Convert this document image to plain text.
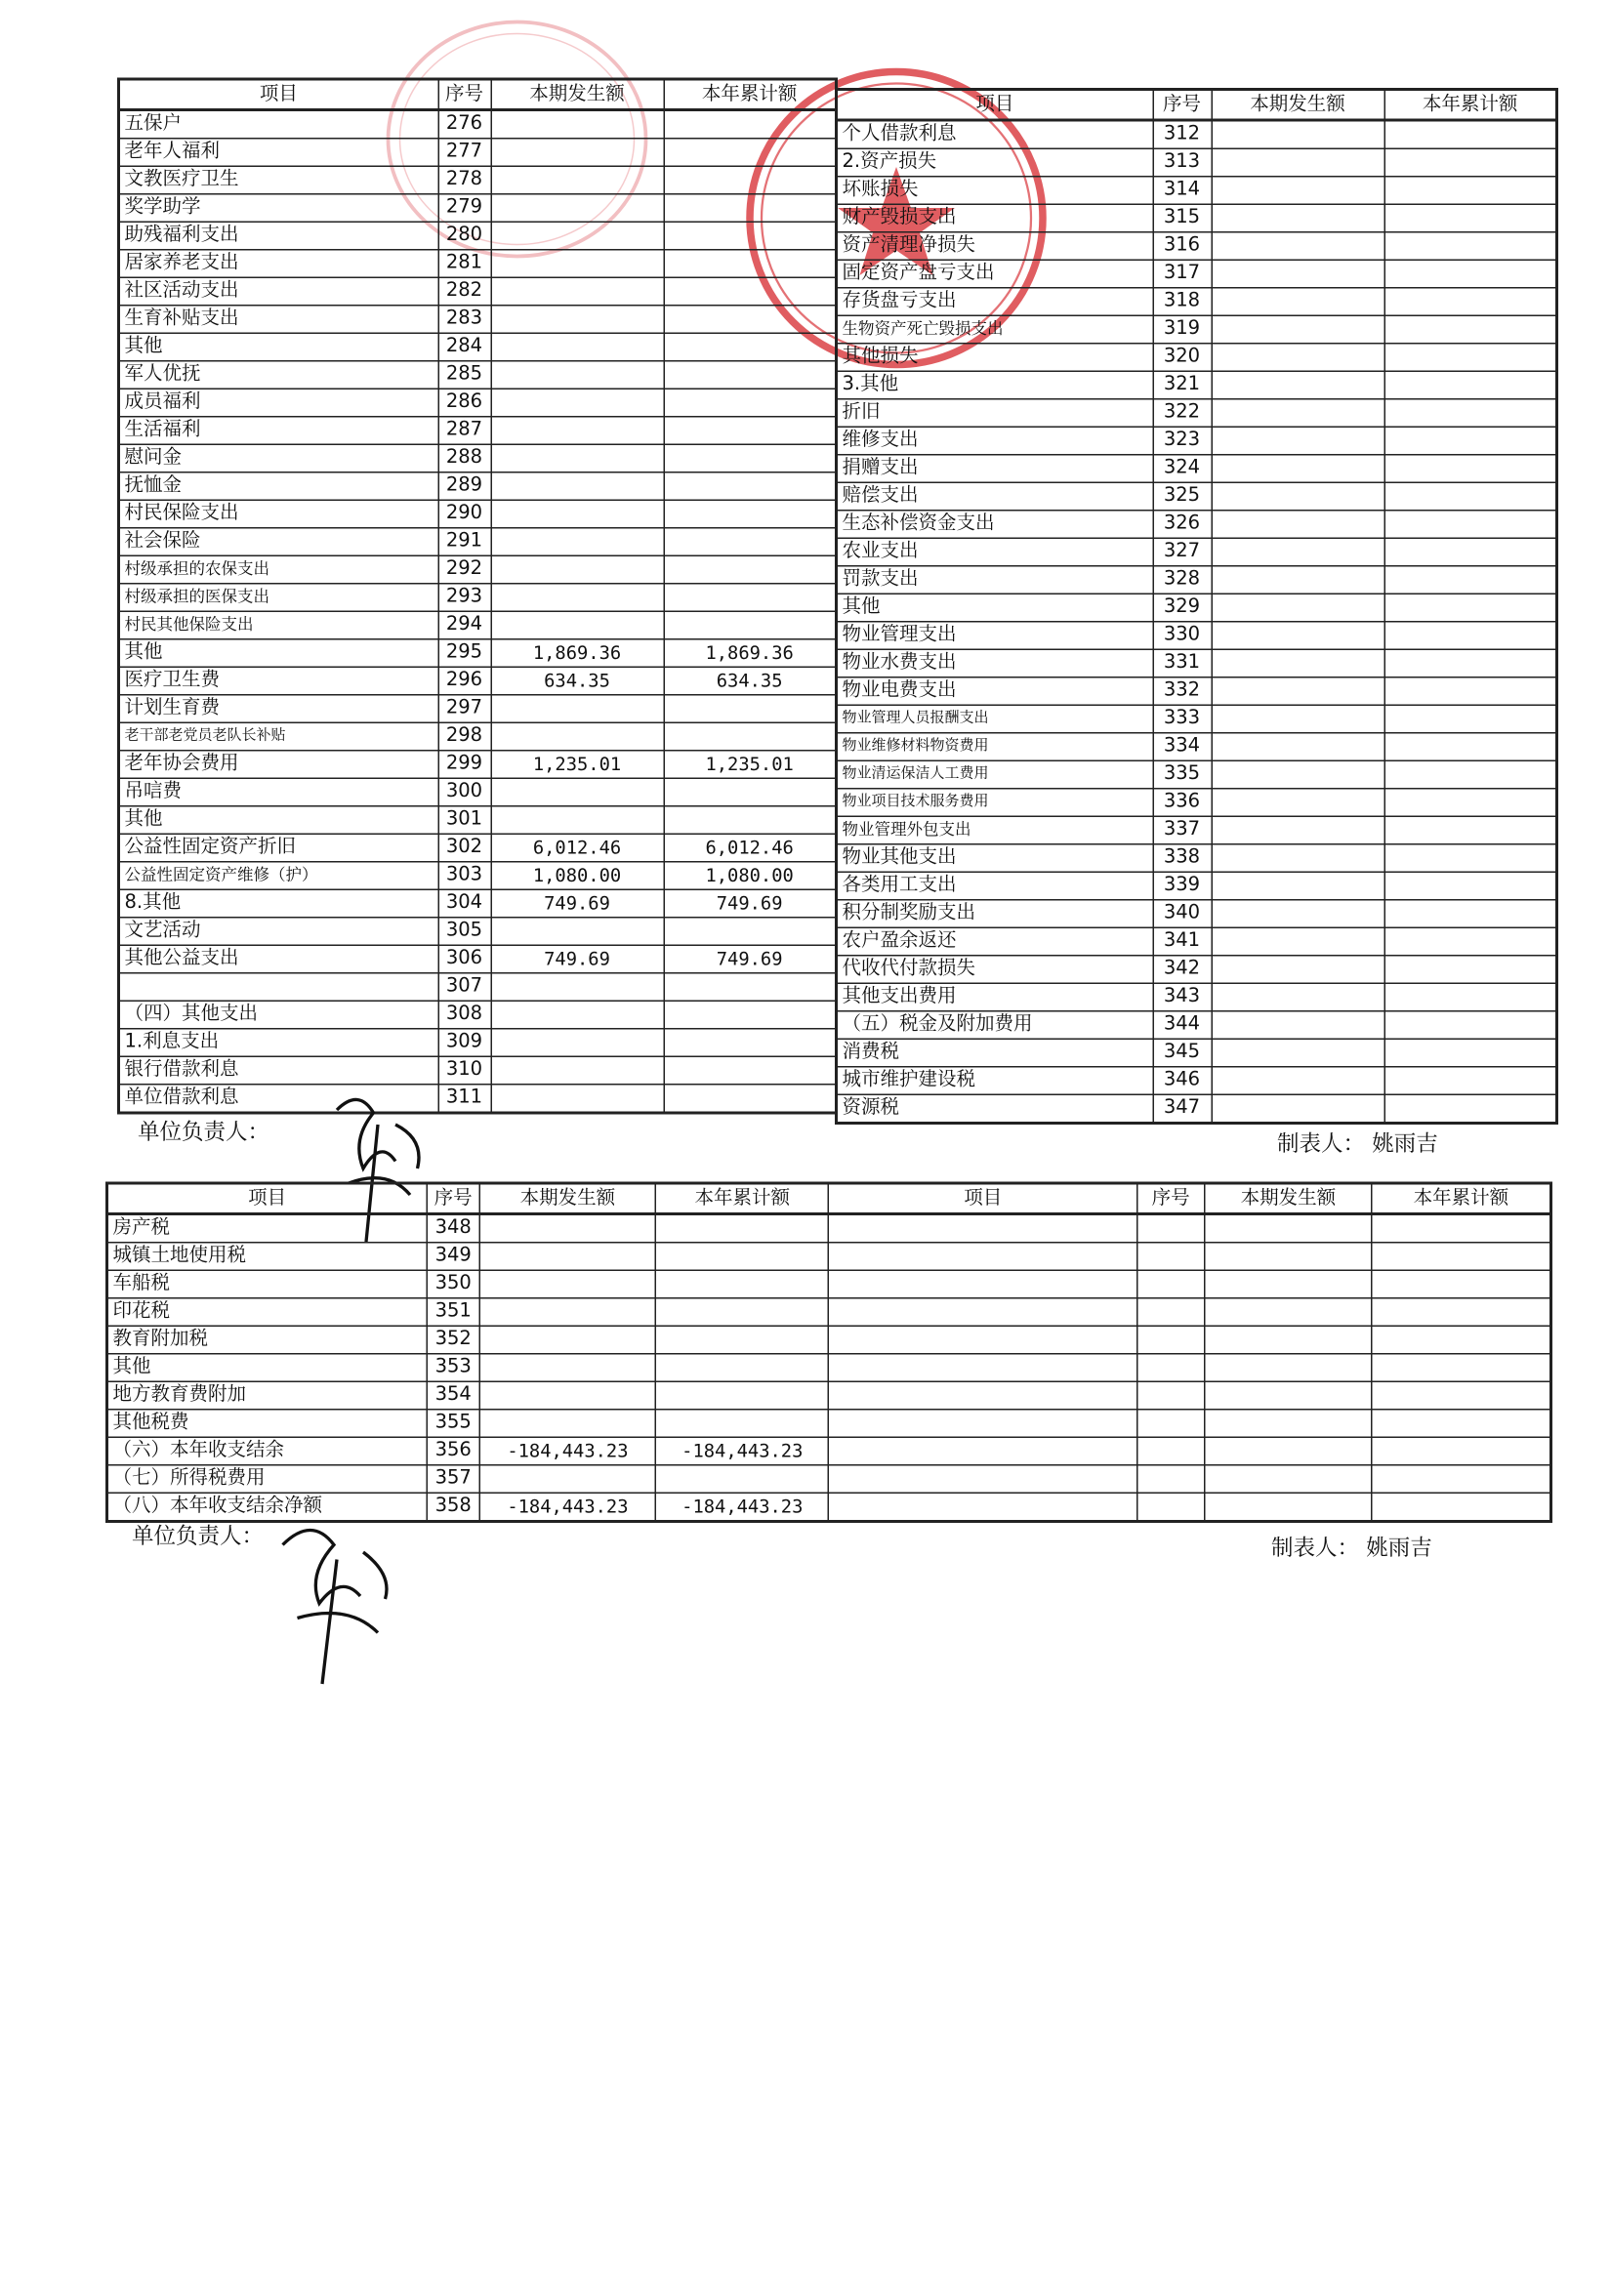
项目	序号	本期发生额	本年累计额
五保户	276		
老年人福利	277		
文教医疗卫生	278		
奖学助学	279		
助残福利支出	280		
居家养老支出	281		
社区活动支出	282		
生育补贴支出	283		
其他	284		
军人优抚	285		
成员福利	286		
生活福利	287		
慰问金	288		
抚恤金	289		
村民保险支出	290		
社会保险	291		
村级承担的农保支出	292		
村级承担的医保支出	293		
村民其他保险支出	294		
其他	295	1,869.36	1,869.36
医疗卫生费	296	634.35	634.35
计划生育费	297		
老干部老党员老队长补贴	298		
老年协会费用	299	1,235.01	1,235.01
吊唁费	300		
其他	301		
公益性固定资产折旧	302	6,012.46	6,012.46
公益性固定资产维修（护）	303	1,080.00	1,080.00
8.其他	304	749.69	749.69
文艺活动	305		
其他公益支出	306	749.69	749.69
	307		
（四）其他支出	308		
1.利息支出	309		
银行借款利息	310		
单位借款利息	311		
项目	序号	本期发生额	本年累计额
个人借款利息	312		
2.资产损失	313		
坏账损失	314		
财产毁损支出	315		
资产清理净损失	316		
固定资产盘亏支出	317		
存货盘亏支出	318		
生物资产死亡毁损支出	319		
其他损失	320		
3.其他	321		
折旧	322		
维修支出	323		
捐赠支出	324		
赔偿支出	325		
生态补偿资金支出	326		
农业支出	327		
罚款支出	328		
其他	329		
物业管理支出	330		
物业水费支出	331		
物业电费支出	332		
物业管理人员报酬支出	333		
物业维修材料物资费用	334		
物业清运保洁人工费用	335		
物业项目技术服务费用	336		
物业管理外包支出	337		
物业其他支出	338		
各类用工支出	339		
积分制奖励支出	340		
农户盈余返还	341		
代收代付款损失	342		
其他支出费用	343		
（五）税金及附加费用	344		
消费税	345		
城市维护建设税	346		
资源税	347		
单位负责人：	制表人： 姚雨吉
项目	序号	本期发生额	本年累计额	项目	序号	本期发生额	本年累计额
房产税	348						
城镇土地使用税	349						
车船税	350						
印花税	351						
教育附加税	352						
其他	353						
地方教育费附加	354						
其他税费	355						
（六）本年收支结余	356	-184,443.23	-184,443.23				
（七）所得税费用	357						
（八）本年收支结余净额	358	-184,443.23	-184,443.23				
单位负责人：	制表人： 姚雨吉
